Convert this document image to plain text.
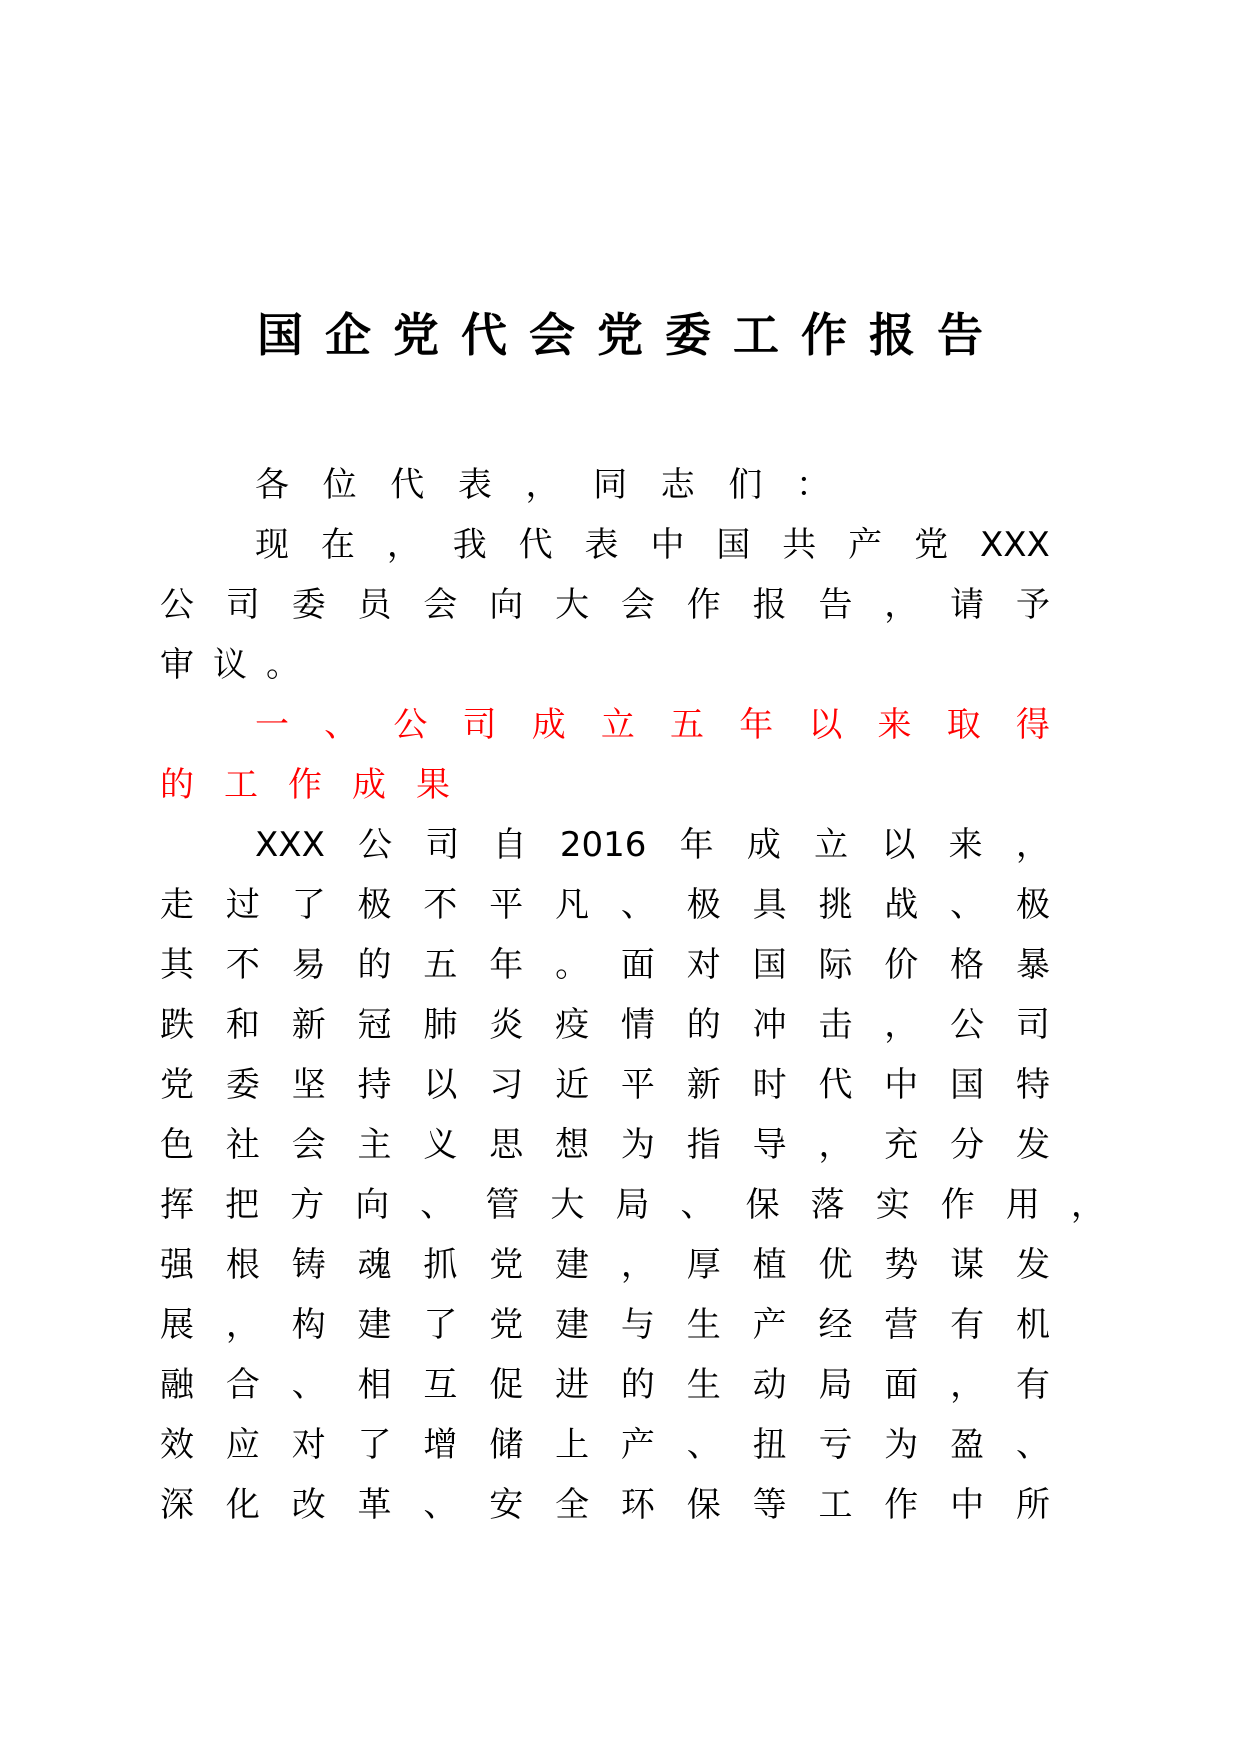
国企党代会党委工作报告
各 位 代 表 ， 同 志 们 ：
现 在 ， 我 代 表 中 国 共 产 党 XXX
公 司 委 员 会 向 大 会 作 报 告 ， 请 予
审 议 。
一 、 公 司 成 立 五 年 以 来 取 得
的 工 作 成 果
XXX 公 司 自 2016 年 成 立 以 来 ，
走 过 了 极 不 平 凡 、 极 具 挑 战 、 极
其 不 易 的 五 年 。 面 对 国 际 价 格 暴
跌 和 新 冠 肺 炎 疫 情 的 冲 击 ， 公 司
党 委 坚 持 以 习 近 平 新 时 代 中 国 特
色 社 会 主 义 思 想 为 指 导 ， 充 分 发
挥 把 方 向 、 管 大 局 、 保 落 实 作 用 ，
强 根 铸 魂 抓 党 建 ， 厚 植 优 势 谋 发
展 ， 构 建 了 党 建 与 生 产 经 营 有 机
融 合 、 相 互 促 进 的 生 动 局 面 ， 有
效 应 对 了 增 储 上 产 、 扭 亏 为 盈 、
深 化 改 革 、 安 全 环 保 等 工 作 中 所
